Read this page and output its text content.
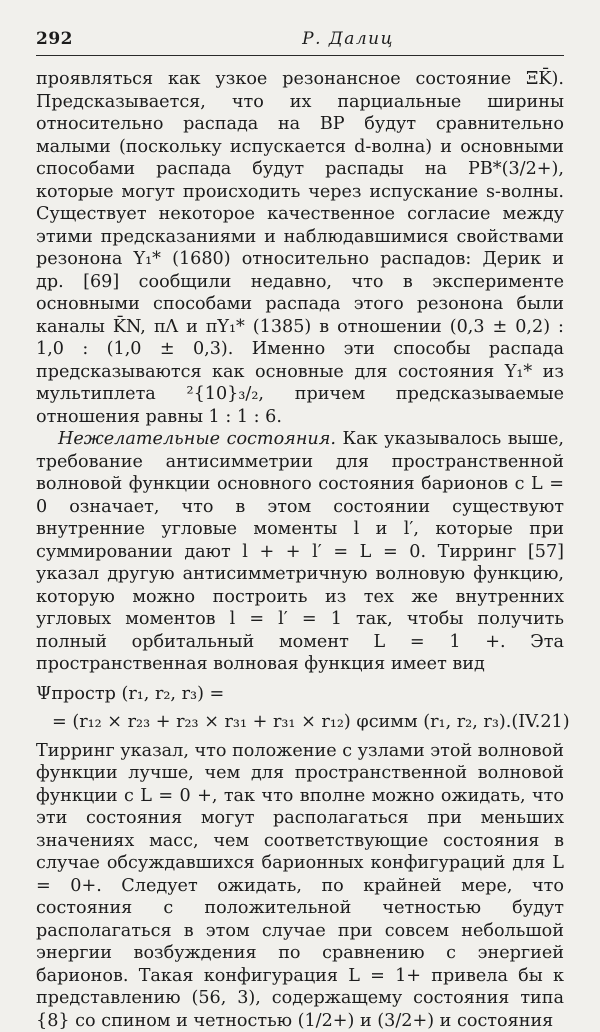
292	Р. Далиц

проявляться как узкое резонансное состояние ΞK̄). Предсказывается, что их парциальные ширины относительно распада на BP будут сравнительно малыми (поскольку испускается d-волна) и основными способами распада будут распады на PB*(3/2+), которые могут происходить через испускание s-волны. Существует некоторое качественное согласие между этими предсказаниями и наблюдавшимися свойствами резонона Y₁* (1680) относительно распадов: Дерик и др. [69] сообщили недавно, что в эксперименте основными способами распада этого резонона были каналы K̄N, πΛ и πY₁* (1385) в отношении (0,3 ± 0,2) : 1,0 : (1,0 ± 0,3). Именно эти способы распада предсказываются как основные для состояния Y₁* из мультиплета ²{10}₃/₂, причем предсказываемые отношения равны 1 : 1 : 6.

Нежелательные состояния. Как указывалось выше, требование антисимметрии для пространственной волновой функции основного состояния барионов с L = 0 означает, что в этом состоянии существуют внутренние угловые моменты l и l′, которые при суммировании дают l + + l′ = L = 0. Тирринг [57] указал другую антисимметричную волновую функцию, которую можно построить из тех же внутренних угловых моментов l = l′ = 1 так, чтобы получить полный орбитальный момент L = 1 +. Эта пространственная волновая функция имеет вид

Ψпростр (r₁, r₂, r₃) =
= (r₁₂ × r₂₃ + r₂₃ × r₃₁ + r₃₁ × r₁₂) φсимм (r₁, r₂, r₃). (IV.21)

Тирринг указал, что положение с узлами этой волновой функции лучше, чем для пространственной волновой функции с L = 0 +, так что вполне можно ожидать, что эти состояния могут располагаться при меньших значениях масс, чем соответствующие состояния в случае обсуждавшихся барионных конфигураций для L = 0+. Следует ожидать, по крайней мере, что состояния с положительной четностью будут располагаться в этом случае при совсем небольшой энергии возбуждения по сравнению с энергией барионов. Такая конфигурация L = 1+ привела бы к представлению (56, 3), содержащему состояния типа {8} со спином и четностью (1/2+) и (3/2+) и состояния
